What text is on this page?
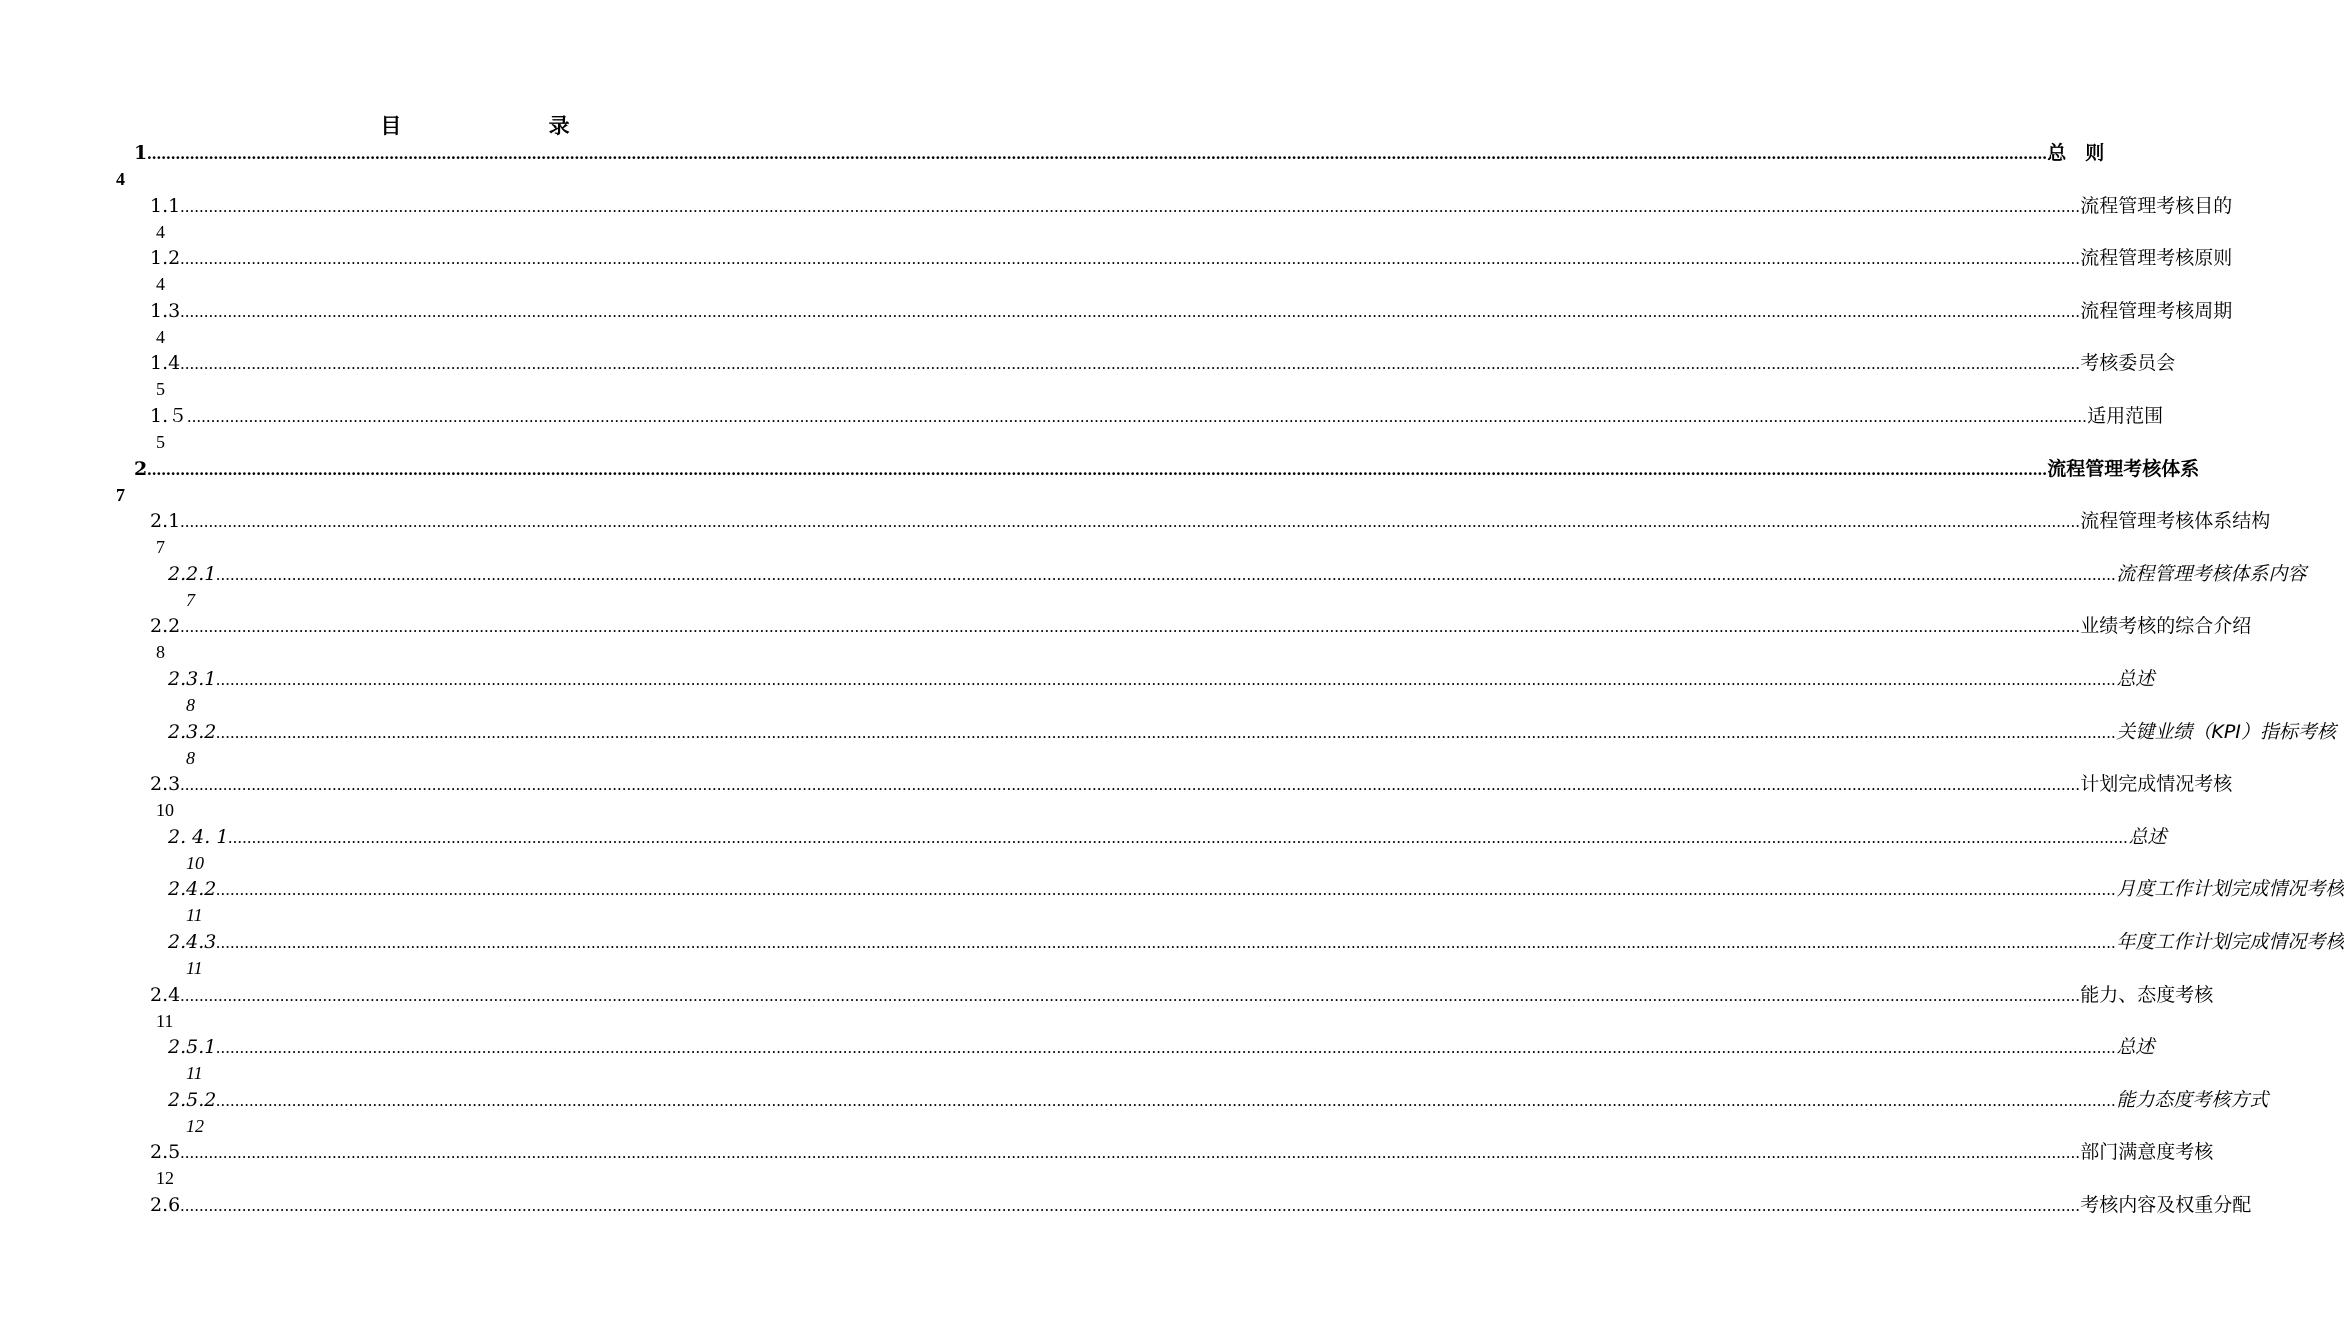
目	录
1 ................................................................................................................................................................................................................................................................................................................................................................................................................ 总　则
4
1.1 ................................................................................................................................................................................................................................................................................................................................................................................................................ 流程管理考核目的
4
1.2 ................................................................................................................................................................................................................................................................................................................................................................................................................ 流程管理考核原则
4
1.3 ................................................................................................................................................................................................................................................................................................................................................................................................................ 流程管理考核周期
4
1.4 ................................................................................................................................................................................................................................................................................................................................................................................................................ 考核委员会
5
1.５ ................................................................................................................................................................................................................................................................................................................................................................................................................ 适用范围
5
2 ................................................................................................................................................................................................................................................................................................................................................................................................................ 流程管理考核体系
7
2.1 ................................................................................................................................................................................................................................................................................................................................................................................................................ 流程管理考核体系结构
7
2.2.1 ................................................................................................................................................................................................................................................................................................................................................................................................................ 流程管理考核体系内容
7
2.2 ................................................................................................................................................................................................................................................................................................................................................................................................................ 业绩考核的综合介绍
8
2.3.1 ................................................................................................................................................................................................................................................................................................................................................................................................................ 总述
8
2.3.2 ................................................................................................................................................................................................................................................................................................................................................................................................................ 关键业绩（KPI）指标考核
8
2.3 ................................................................................................................................................................................................................................................................................................................................................................................................................ 计划完成情况考核
10
2. 4. 1 ................................................................................................................................................................................................................................................................................................................................................................................................................ 总述
10
2.4.2 ................................................................................................................................................................................................................................................................................................................................................................................................................ 月度工作计划完成情况考核
11
2.4.3 ................................................................................................................................................................................................................................................................................................................................................................................................................ 年度工作计划完成情况考核
11
2.4 ................................................................................................................................................................................................................................................................................................................................................................................................................ 能力、态度考核
11
2.5.1 ................................................................................................................................................................................................................................................................................................................................................................................................................ 总述
11
2.5.2 ................................................................................................................................................................................................................................................................................................................................................................................................................ 能力态度考核方式
12
2.5 ................................................................................................................................................................................................................................................................................................................................................................................................................ 部门满意度考核
12
2.6 ................................................................................................................................................................................................................................................................................................................................................................................................................ 考核内容及权重分配
